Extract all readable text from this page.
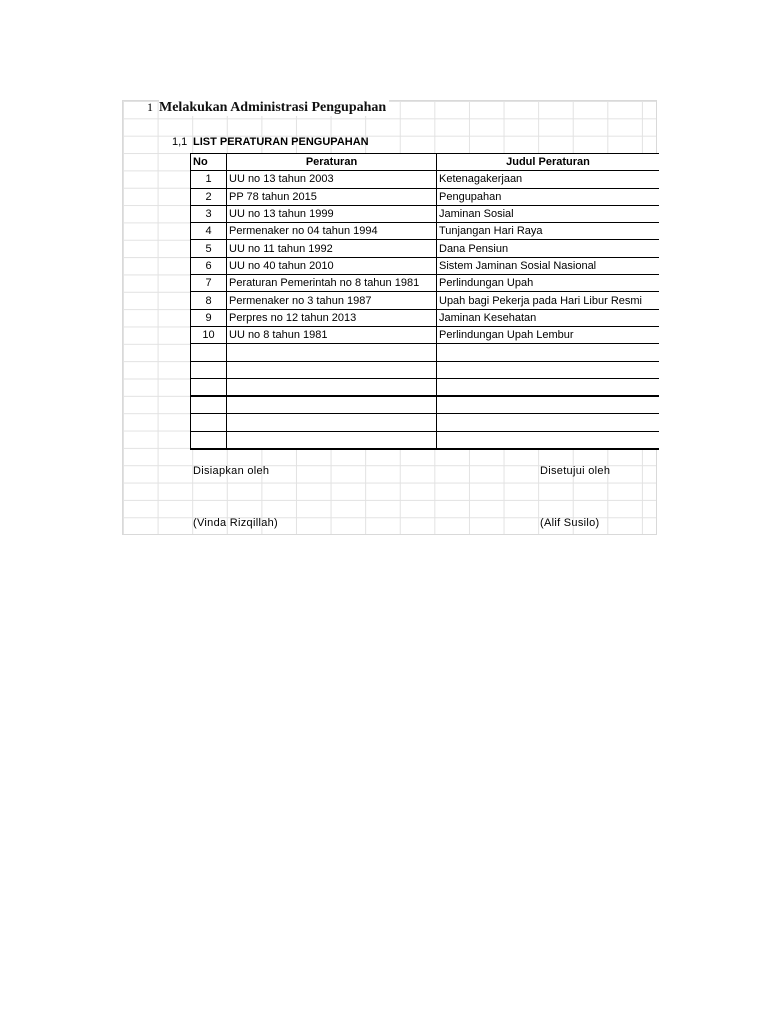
1 Melakukan Administrasi Pengupahan
1,1 LIST PERATURAN PENGUPAHAN
No	Peraturan	Judul Peraturan
1	UU no 13 tahun 2003	Ketenagakerjaan
2	PP 78 tahun 2015	Pengupahan
3	UU no 13 tahun 1999	Jaminan Sosial
4	Permenaker no 04 tahun 1994	Tunjangan Hari Raya
5	UU no 11 tahun 1992	Dana Pensiun
6	UU no 40 tahun 2010	Sistem Jaminan Sosial Nasional
7	Peraturan Pemerintah no 8 tahun 1981	Perlindungan Upah
8	Permenaker no 3 tahun 1987	Upah bagi Pekerja pada Hari Libur Resmi
9	Perpres no 12 tahun 2013	Jaminan Kesehatan
10	UU no 8 tahun 1981	Perlindungan Upah Lembur

Disiapkan oleh	Disetujui oleh
(Vinda Rizqillah)	(Alif Susilo)
